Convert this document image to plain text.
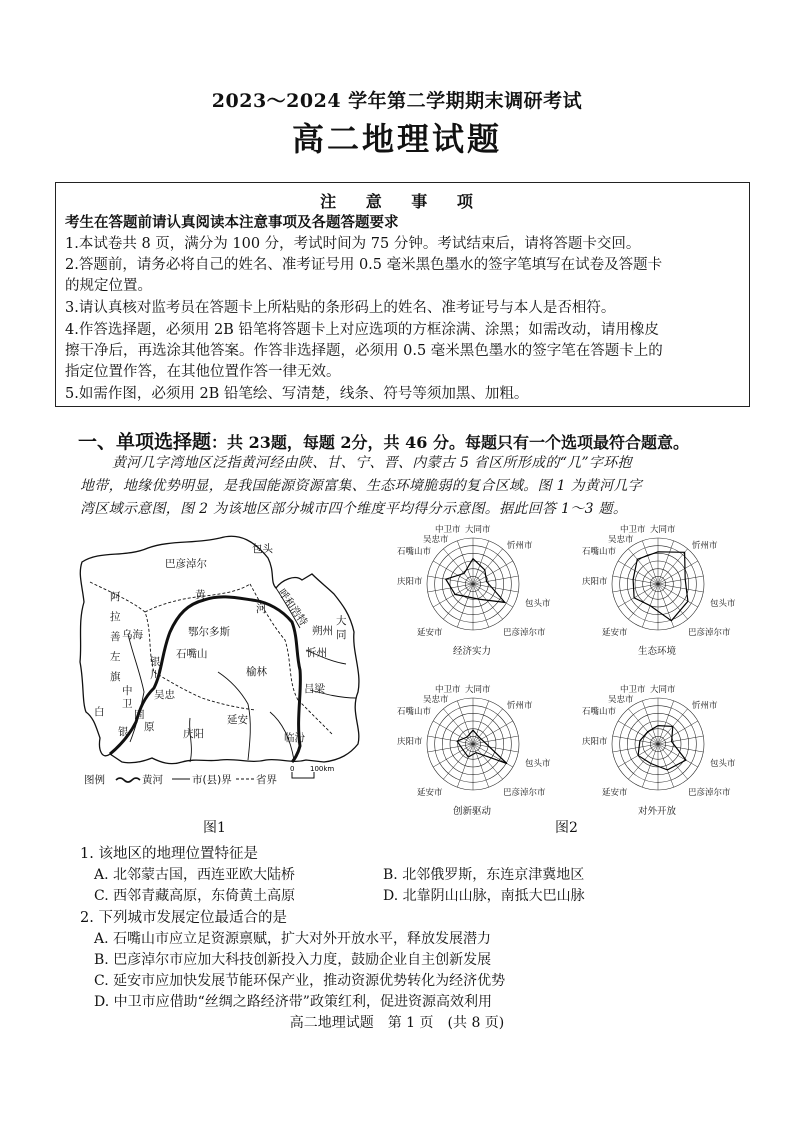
2023～2024 学年第二学期期末调研考试
高二地理试题
注 意 事 项
考生在答题前请认真阅读本注意事项及各题答题要求
1.本试卷共 8 页，满分为 100 分，考试时间为 75 分钟。考试结束后，请将答题卡交回。
2.答题前，请务必将自己的姓名、准考证号用 0.5 毫米黑色墨水的签字笔填写在试卷及答题卡
的规定位置。
3.请认真核对监考员在答题卡上所粘贴的条形码上的姓名、准考证号与本人是否相符。
4.作答选择题，必须用 2B 铅笔将答题卡上对应选项的方框涂满、涂黑；如需改动，请用橡皮
擦干净后，再选涂其他答案。作答非选择题，必须用 0.5 毫米黑色墨水的签字笔在答题卡上的
指定位置作答，在其他位置作答一律无效。
5.如需作图，必须用 2B 铅笔绘、写清楚，线条、符号等须加黑、加粗。
一、单项选择题：共 23题，每题 2分，共 46 分。每题只有一个选项最符合题意。
黄河几字湾地区泛指黄河经由陕、甘、宁、晋、内蒙古 5 省区所形成的“几”字环抱
地带，地缘优势明显，是我国能源资源富集、生态环境脆弱的复合区域。图 1 为黄河几字
湾区域示意图，图 2 为该地区部分城市四个维度平均得分示意图。据此回答 1～3 题。
巴彦淖尔
包头
阿
拉
善
左
旗
黄
河 呼和浩特	大
同
朔州
忻州
乌海	鄂尔多斯
石嘴山
银
川	榆林
吕梁
吴忠
中
卫
白
银
固
原
庆阳
延安
临汾
图例	黄河	市(县)界 省界
0 100km
图1
中卫市 大同市
忻州市
包头市
巴彦淖尔市
延安市
庆阳市
石嘴山市
吴忠市
经济实力
中卫市 大同市
忻州市
包头市
巴彦淖尔市
延安市
庆阳市
石嘴山市
吴忠市
生态环境
中卫市 大同市
忻州市
包头市
巴彦淖尔市
延安市
庆阳市
石嘴山市
吴忠市
创新驱动
中卫市 大同市
忻州市
包头市
巴彦淖尔市
延安市
庆阳市
石嘴山市
吴忠市
对外开放
图2
1. 该地区的地理位置特征是
A. 北邻蒙古国，西连亚欧大陆桥	B. 北邻俄罗斯，东连京津冀地区
C. 西邻青藏高原，东倚黄土高原	D. 北靠阴山山脉，南抵大巴山脉
2. 下列城市发展定位最适合的是
A. 石嘴山市应立足资源禀赋，扩大对外开放水平，释放发展潜力
B. 巴彦淖尔市应加大科技创新投入力度，鼓励企业自主创新发展
C. 延安市应加快发展节能环保产业，推动资源优势转化为经济优势
D. 中卫市应借助“丝绸之路经济带”政策红利，促进资源高效利用
高二地理试题　第 1 页　(共 8 页)
